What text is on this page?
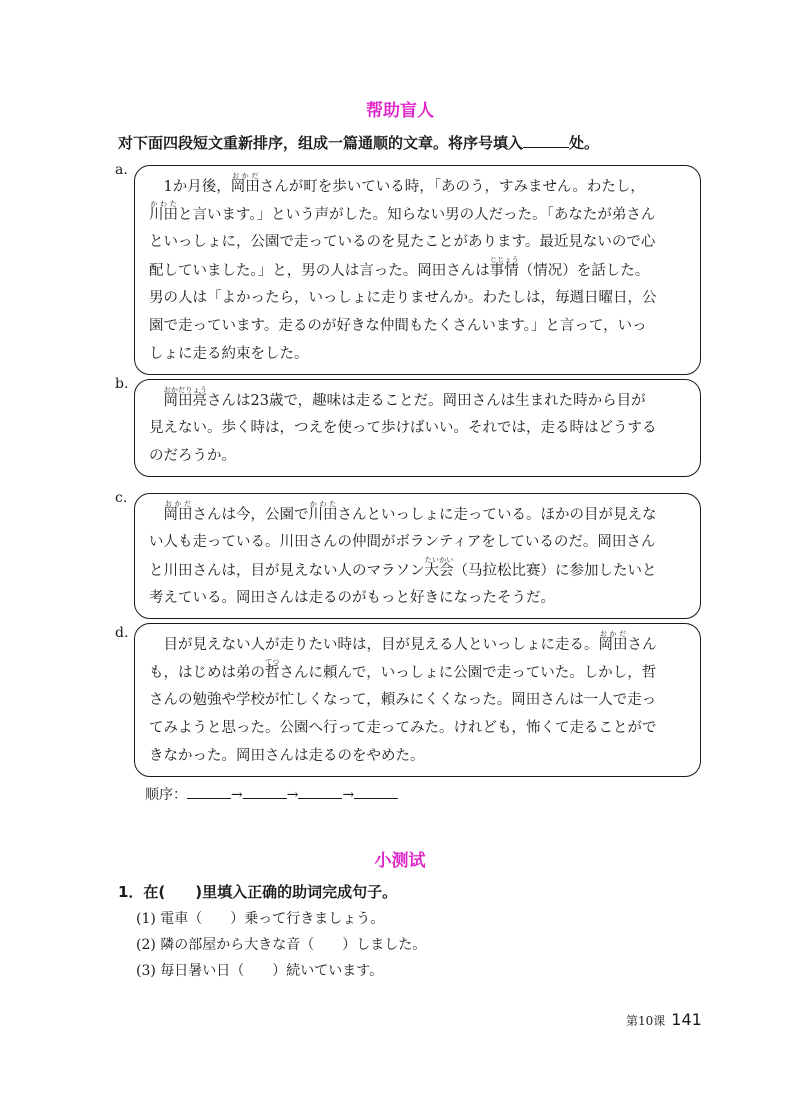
帮助盲人
对下面四段短文重新排序，组成一篇通顺的文章。将序号填入	处。
a.
　1か月後，岡田おかださんが町を歩いている時，「あのう，すみません。わたし，
川田かわたと言います。」という声がした。知らない男の人だった。「あなたが弟さん
といっしょに，公園で走っているのを見たことがあります。最近見ないので心
配していました。」と，男の人は言った。岡田さんは事情じじょう（情况）を話した。
男の人は「よかったら，いっしょに走りませんか。わたしは，毎週日曜日，公
園で走っています。走るのが好きな仲間もたくさんいます。」と言って，いっ
しょに走る約束をした。
b.
　岡田亮おかだりょうさんは23歳で，趣味は走ることだ。岡田さんは生まれた時から目が
見えない。歩く時は，つえを使って歩けばいい。それでは，走る時はどうする
のだろうか。
c.
　岡田おかださんは今，公園で川田かわたさんといっしょに走っている。ほかの目が見えな
い人も走っている。川田さんの仲間がボランティアをしているのだ。岡田さん
と川田さんは，目が見えない人のマラソン大会たいかい（马拉松比赛）に参加したいと
考えている。岡田さんは走るのがもっと好きになったそうだ。
d.
　目が見えない人が走りたい時は，目が見える人といっしょに走る。岡田おかださん
も，はじめは弟の哲てつさんに頼んで，いっしょに公園で走っていた。しかし，哲
さんの勉強や学校が忙しくなって，頼みにくくなった。岡田さんは一人で走っ
てみようと思った。公園へ行って走ってみた。けれども，怖くて走ることがで
きなかった。岡田さんは走るのをやめた。
顺序：	→	→	→
小测试
1．在(　　)里填入正确的助词完成句子。
(1) 電車（　　）乗って行きましょう。
(2) 隣の部屋から大きな音（　　）しました。
(3) 毎日暑い日（　　）続いています。
第10课 141
